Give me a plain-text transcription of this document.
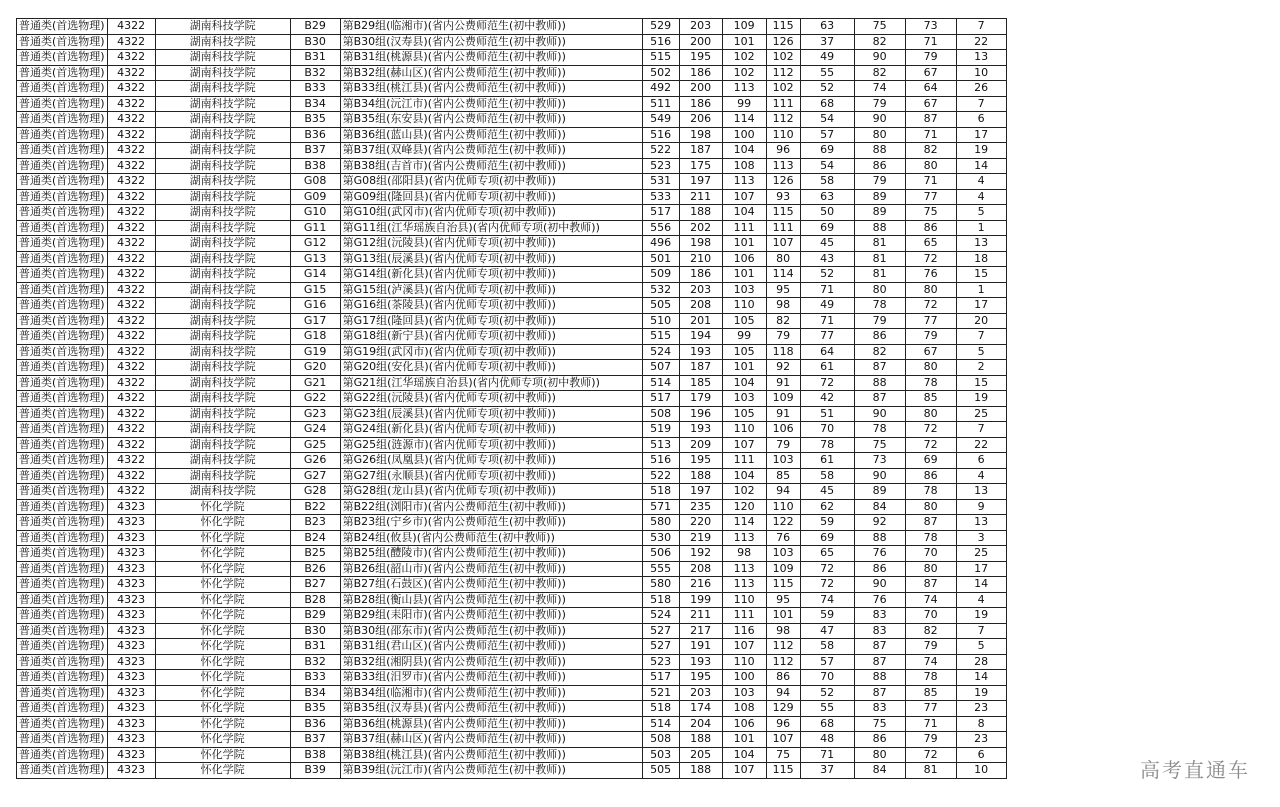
普通类(首选物理)	4322	湖南科技学院	B29	第B29组(临湘市)(省内公费师范生(初中教师))	529	203	109	115	63	75	73	7	
普通类(首选物理)	4322	湖南科技学院	B30	第B30组(汉寿县)(省内公费师范生(初中教师))	516	200	101	126	37	82	71	22	
普通类(首选物理)	4322	湖南科技学院	B31	第B31组(桃源县)(省内公费师范生(初中教师))	515	195	102	102	49	90	79	13	
普通类(首选物理)	4322	湖南科技学院	B32	第B32组(赫山区)(省内公费师范生(初中教师))	502	186	102	112	55	82	67	10	
普通类(首选物理)	4322	湖南科技学院	B33	第B33组(桃江县)(省内公费师范生(初中教师))	492	200	113	102	52	74	64	26	
普通类(首选物理)	4322	湖南科技学院	B34	第B34组(沅江市)(省内公费师范生(初中教师))	511	186	99	111	68	79	67	7	
普通类(首选物理)	4322	湖南科技学院	B35	第B35组(东安县)(省内公费师范生(初中教师))	549	206	114	112	54	90	87	6	
普通类(首选物理)	4322	湖南科技学院	B36	第B36组(蓝山县)(省内公费师范生(初中教师))	516	198	100	110	57	80	71	17	
普通类(首选物理)	4322	湖南科技学院	B37	第B37组(双峰县)(省内公费师范生(初中教师))	522	187	104	96	69	88	82	19	
普通类(首选物理)	4322	湖南科技学院	B38	第B38组(吉首市)(省内公费师范生(初中教师))	523	175	108	113	54	86	80	14	
普通类(首选物理)	4322	湖南科技学院	G08	第G08组(邵阳县)(省内优师专项(初中教师))	531	197	113	126	58	79	71	4	
普通类(首选物理)	4322	湖南科技学院	G09	第G09组(隆回县)(省内优师专项(初中教师))	533	211	107	93	63	89	77	4	
普通类(首选物理)	4322	湖南科技学院	G10	第G10组(武冈市)(省内优师专项(初中教师))	517	188	104	115	50	89	75	5	
普通类(首选物理)	4322	湖南科技学院	G11	第G11组(江华瑶族自治县)(省内优师专项(初中教师))	556	202	111	111	69	88	86	1	
普通类(首选物理)	4322	湖南科技学院	G12	第G12组(沅陵县)(省内优师专项(初中教师))	496	198	101	107	45	81	65	13	
普通类(首选物理)	4322	湖南科技学院	G13	第G13组(辰溪县)(省内优师专项(初中教师))	501	210	106	80	43	81	72	18	
普通类(首选物理)	4322	湖南科技学院	G14	第G14组(新化县)(省内优师专项(初中教师))	509	186	101	114	52	81	76	15	
普通类(首选物理)	4322	湖南科技学院	G15	第G15组(泸溪县)(省内优师专项(初中教师))	532	203	103	95	71	80	80	1	
普通类(首选物理)	4322	湖南科技学院	G16	第G16组(茶陵县)(省内优师专项(初中教师))	505	208	110	98	49	78	72	17	
普通类(首选物理)	4322	湖南科技学院	G17	第G17组(隆回县)(省内优师专项(初中教师))	510	201	105	82	71	79	77	20	
普通类(首选物理)	4322	湖南科技学院	G18	第G18组(新宁县)(省内优师专项(初中教师))	515	194	99	79	77	86	79	7	
普通类(首选物理)	4322	湖南科技学院	G19	第G19组(武冈市)(省内优师专项(初中教师))	524	193	105	118	64	82	67	5	
普通类(首选物理)	4322	湖南科技学院	G20	第G20组(安化县)(省内优师专项(初中教师))	507	187	101	92	61	87	80	2	
普通类(首选物理)	4322	湖南科技学院	G21	第G21组(江华瑶族自治县)(省内优师专项(初中教师))	514	185	104	91	72	88	78	15	
普通类(首选物理)	4322	湖南科技学院	G22	第G22组(沅陵县)(省内优师专项(初中教师))	517	179	103	109	42	87	85	19	
普通类(首选物理)	4322	湖南科技学院	G23	第G23组(辰溪县)(省内优师专项(初中教师))	508	196	105	91	51	90	80	25	
普通类(首选物理)	4322	湖南科技学院	G24	第G24组(新化县)(省内优师专项(初中教师))	519	193	110	106	70	78	72	7	
普通类(首选物理)	4322	湖南科技学院	G25	第G25组(涟源市)(省内优师专项(初中教师))	513	209	107	79	78	75	72	22	
普通类(首选物理)	4322	湖南科技学院	G26	第G26组(凤凰县)(省内优师专项(初中教师))	516	195	111	103	61	73	69	6	
普通类(首选物理)	4322	湖南科技学院	G27	第G27组(永顺县)(省内优师专项(初中教师))	522	188	104	85	58	90	86	4	
普通类(首选物理)	4322	湖南科技学院	G28	第G28组(龙山县)(省内优师专项(初中教师))	518	197	102	94	45	89	78	13	
普通类(首选物理)	4323	怀化学院	B22	第B22组(浏阳市)(省内公费师范生(初中教师))	571	235	120	110	62	84	80	9	
普通类(首选物理)	4323	怀化学院	B23	第B23组(宁乡市)(省内公费师范生(初中教师))	580	220	114	122	59	92	87	13	
普通类(首选物理)	4323	怀化学院	B24	第B24组(攸县)(省内公费师范生(初中教师))	530	219	113	76	69	88	78	3	
普通类(首选物理)	4323	怀化学院	B25	第B25组(醴陵市)(省内公费师范生(初中教师))	506	192	98	103	65	76	70	25	
普通类(首选物理)	4323	怀化学院	B26	第B26组(韶山市)(省内公费师范生(初中教师))	555	208	113	109	72	86	80	17	
普通类(首选物理)	4323	怀化学院	B27	第B27组(石鼓区)(省内公费师范生(初中教师))	580	216	113	115	72	90	87	14	
普通类(首选物理)	4323	怀化学院	B28	第B28组(衡山县)(省内公费师范生(初中教师))	518	199	110	95	74	76	74	4	
普通类(首选物理)	4323	怀化学院	B29	第B29组(耒阳市)(省内公费师范生(初中教师))	524	211	111	101	59	83	70	19	
普通类(首选物理)	4323	怀化学院	B30	第B30组(邵东市)(省内公费师范生(初中教师))	527	217	116	98	47	83	82	7	
普通类(首选物理)	4323	怀化学院	B31	第B31组(君山区)(省内公费师范生(初中教师))	527	191	107	112	58	87	79	5	
普通类(首选物理)	4323	怀化学院	B32	第B32组(湘阴县)(省内公费师范生(初中教师))	523	193	110	112	57	87	74	28	
普通类(首选物理)	4323	怀化学院	B33	第B33组(汨罗市)(省内公费师范生(初中教师))	517	195	100	86	70	88	78	14	
普通类(首选物理)	4323	怀化学院	B34	第B34组(临湘市)(省内公费师范生(初中教师))	521	203	103	94	52	87	85	19	
普通类(首选物理)	4323	怀化学院	B35	第B35组(汉寿县)(省内公费师范生(初中教师))	518	174	108	129	55	83	77	23	
普通类(首选物理)	4323	怀化学院	B36	第B36组(桃源县)(省内公费师范生(初中教师))	514	204	106	96	68	75	71	8	
普通类(首选物理)	4323	怀化学院	B37	第B37组(赫山区)(省内公费师范生(初中教师))	508	188	101	107	48	86	79	23	
普通类(首选物理)	4323	怀化学院	B38	第B38组(桃江县)(省内公费师范生(初中教师))	503	205	104	75	71	80	72	6	
普通类(首选物理)	4323	怀化学院	B39	第B39组(沅江市)(省内公费师范生(初中教师))	505	188	107	115	37	84	81	10		高考直通车
